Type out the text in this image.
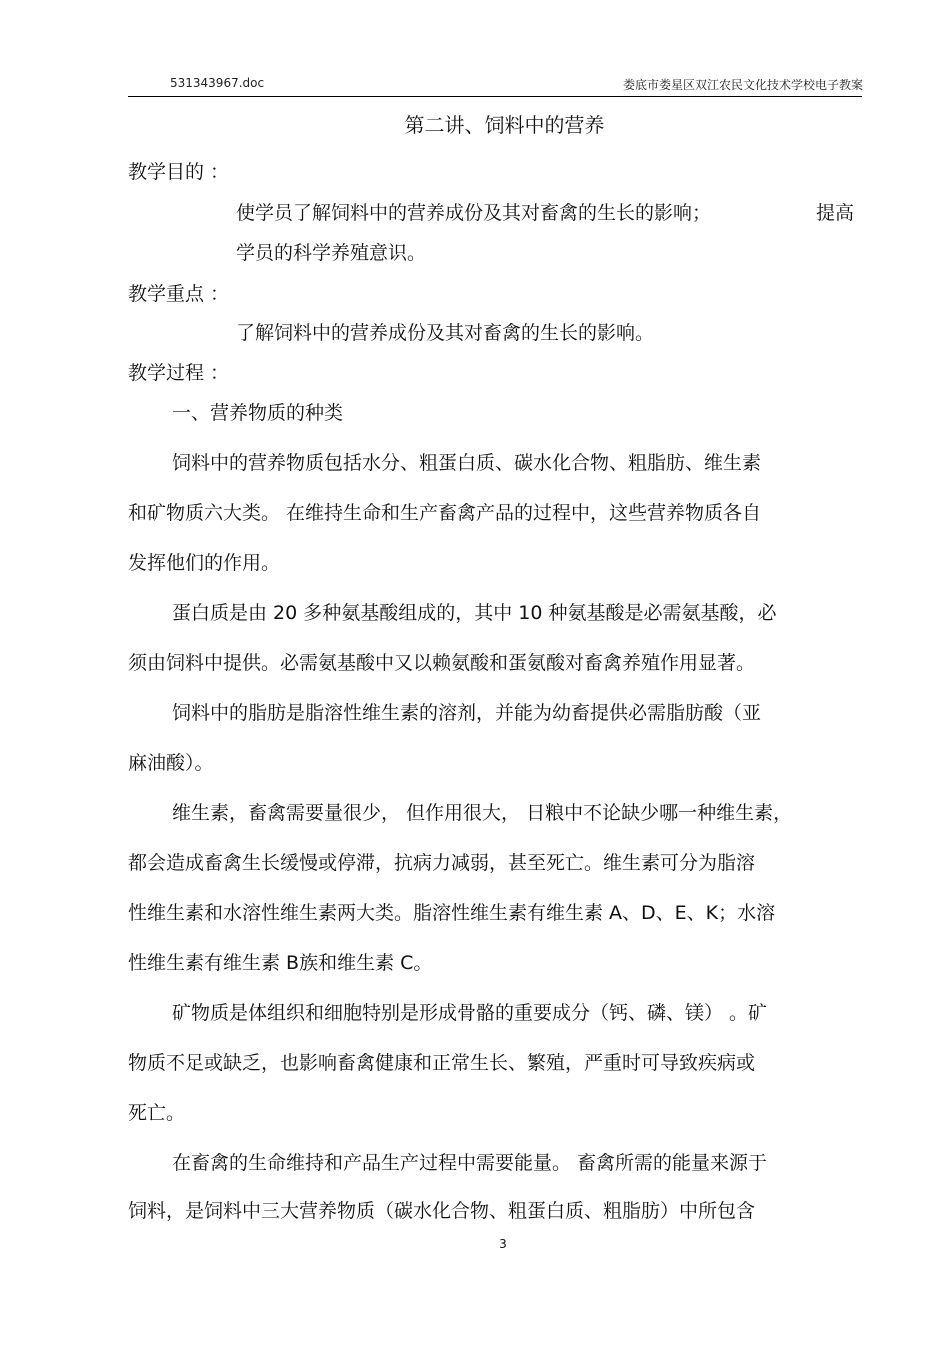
531343967.doc	娄底市娄星区双江农民文化技术学校电子教案
第二讲、饲料中的营养
教学目的 ：
使学员了解饲料中的营养成份及其对畜禽的生长的影响；	提高
学员的科学养殖意识。
教学重点 ：
了解饲料中的营养成份及其对畜禽的生长的影响。
教学过程 ：
一、营养物质的种类
饲料中的营养物质包括水分、粗蛋白质、碳水化合物、粗脂肪、维生素
和矿物质六大类。 在维持生命和生产畜禽产品的过程中，这些营养物质各自
发挥他们的作用。
蛋白质是由 20 多种氨基酸组成的，其中 10 种氨基酸是必需氨基酸，必
须由饲料中提供。必需氨基酸中又以赖氨酸和蛋氨酸对畜禽养殖作用显著。
饲料中的脂肪是脂溶性维生素的溶剂，并能为幼畜提供必需脂肪酸（亚
麻油酸）。
维生素，畜禽需要量很少， 但作用很大， 日粮中不论缺少哪一种维生素，
都会造成畜禽生长缓慢或停滞，抗病力减弱，甚至死亡。维生素可分为脂溶
性维生素和水溶性维生素两大类。脂溶性维生素有维生素 A、D、E、K；水溶
性维生素有维生素 B族和维生素 C。
矿物质是体组织和细胞特别是形成骨骼的重要成分（钙、磷、镁） 。矿
物质不足或缺乏，也影响畜禽健康和正常生长、繁殖，严重时可导致疾病或
死亡。
在畜禽的生命维持和产品生产过程中需要能量。 畜禽所需的能量来源于
饲料，是饲料中三大营养物质（碳水化合物、粗蛋白质、粗脂肪）中所包含
3
